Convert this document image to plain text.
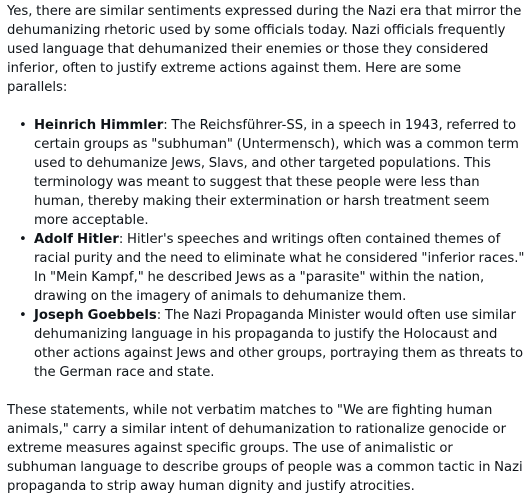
Yes, there are similar sentiments expressed during the Nazi era that mirror the dehumanizing rhetoric used by some officials today. Nazi officials frequently used language that dehumanized their enemies or those they considered inferior, often to justify extreme actions against them. Here are some parallels:

• Heinrich Himmler: The Reichsführer-SS, in a speech in 1943, referred to certain groups as "subhuman" (Untermensch), which was a common term used to dehumanize Jews, Slavs, and other targeted populations. This terminology was meant to suggest that these people were less than human, thereby making their extermination or harsh treatment seem more acceptable.
• Adolf Hitler: Hitler's speeches and writings often contained themes of racial purity and the need to eliminate what he considered "inferior races." In "Mein Kampf," he described Jews as a "parasite" within the nation, drawing on the imagery of animals to dehumanize them.
• Joseph Goebbels: The Nazi Propaganda Minister would often use similar dehumanizing language in his propaganda to justify the Holocaust and other actions against Jews and other groups, portraying them as threats to the German race and state.

These statements, while not verbatim matches to "We are fighting human animals," carry a similar intent of dehumanization to rationalize genocide or extreme measures against specific groups. The use of animalistic or subhuman language to describe groups of people was a common tactic in Nazi propaganda to strip away human dignity and justify atrocities.
